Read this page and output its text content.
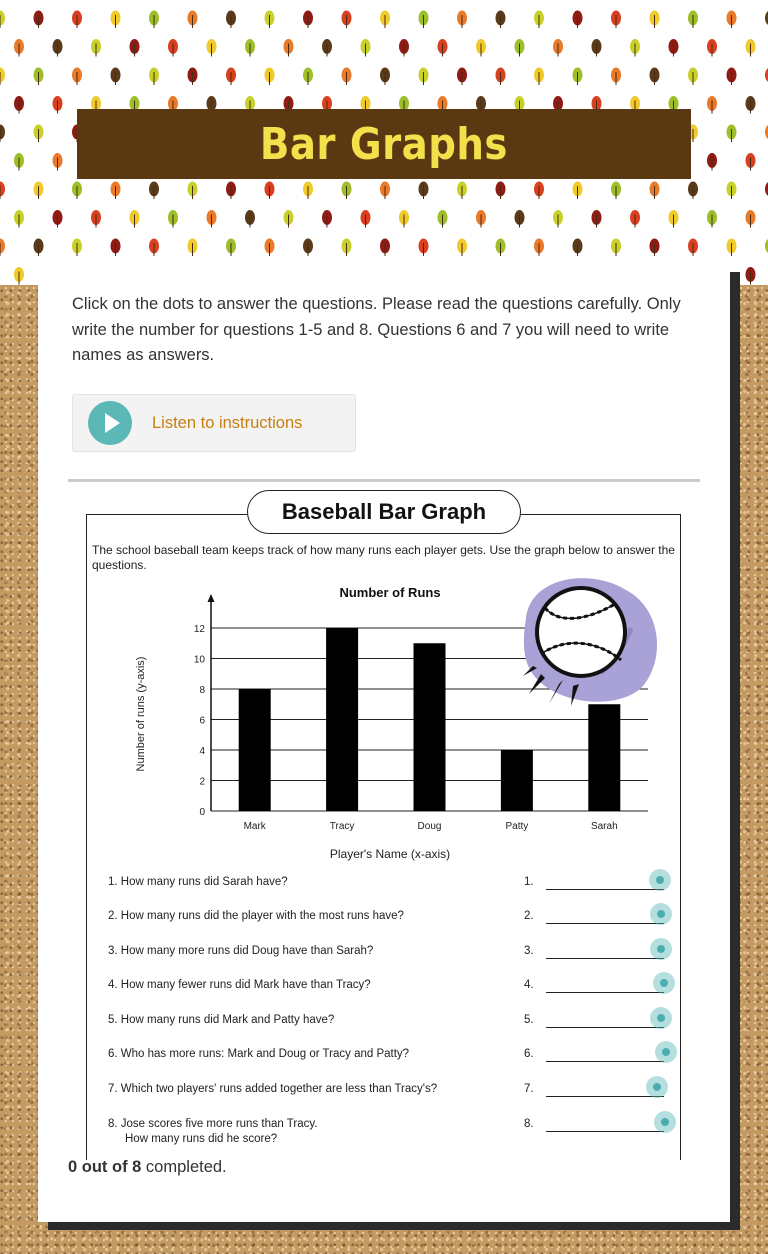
Bar Graphs
Click on the dots to answer the questions. Please read the questions carefully. Only write the number for questions 1-5 and 8. Questions 6 and 7 you will need to write names as answers.
Listen to instructions
Baseball Bar Graph
The school baseball team keeps track of how many runs each player gets. Use the graph below to answer the questions.
Number of Runs
0
2
4
6
8
10
12
Mark	Tracy	Doug	Patty	Sarah
Number of runs (y-axis)
Player's Name (x-axis)
1. How many runs did Sarah have?	1.
2. How many runs did the player with the most runs have?	2.
3. How many more runs did Doug have than Sarah?	3.
4. How many fewer runs did Mark have than Tracy?	4.
5. How many runs did Mark and Patty have?	5.
6. Who has more runs: Mark and Doug or Tracy and Patty?	6.
7. Which two players' runs added together are less than Tracy's?	7.
8. Jose scores five more runs than Tracy.
How many runs did he score?
8.
0 out of 8 completed.
